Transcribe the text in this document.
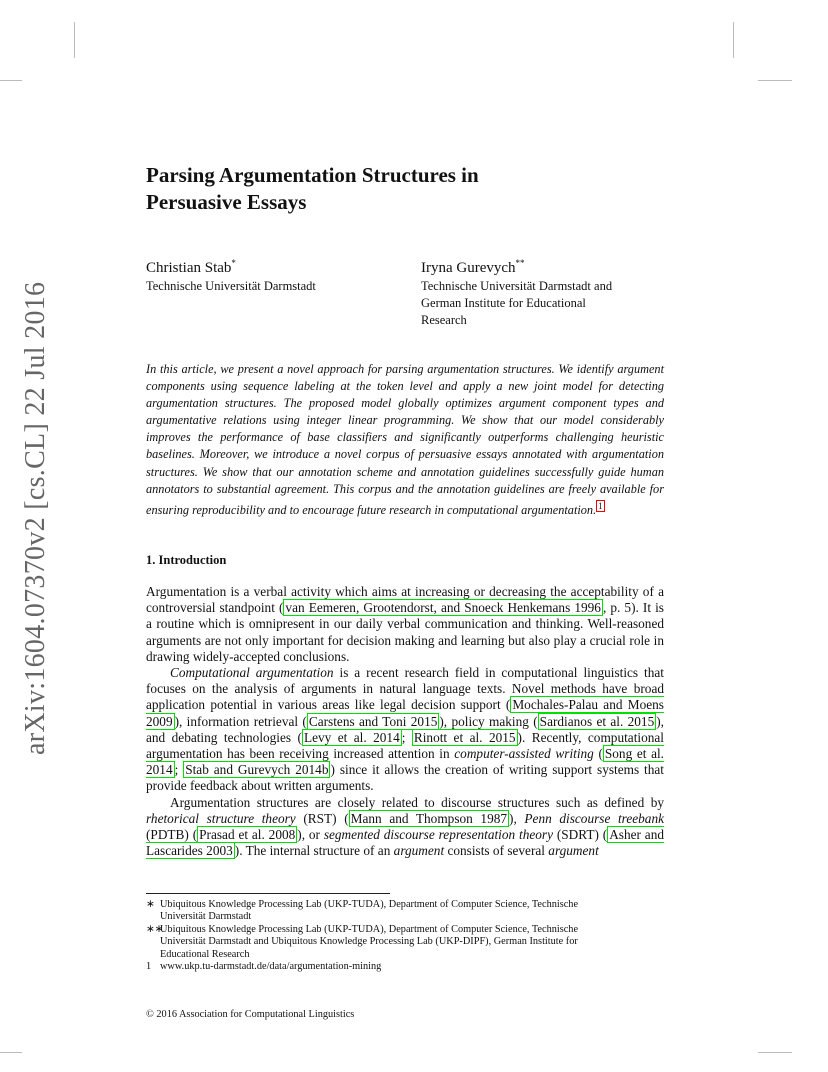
arXiv:1604.07370v2 [cs.CL] 22 Jul 2016
Parsing Argumentation Structures in
Persuasive Essays
Christian Stab*
Technische Universität Darmstadt
Iryna Gurevych**
Technische Universität Darmstadt and
German Institute for Educational
Research
In this article, we present a novel approach for parsing argumentation structures. We identify argument components using sequence labeling at the token level and apply a new joint model for detecting argumentation structures. The proposed model globally optimizes argument component types and argumentative relations using integer linear programming. We show that our model considerably improves the performance of base classifiers and significantly outperforms challenging heuristic baselines. Moreover, we introduce a novel corpus of persuasive essays annotated with argumentation structures. We show that our annotation scheme and annotation guidelines successfully guide human annotators to substantial agreement. This corpus and the annotation guidelines are freely available for ensuring reproducibility and to encourage future research in computational argumentation. $^1$
1. Introduction

Argumentation is a verbal activity which aims at increasing or decreasing the acceptability of a controversial standpoint ( van Eemeren, Grootendorst, and Snoeck Henkemans 1996 , p. 5). It is a routine which is omnipresent in our daily verbal communication and thinking. Well-reasoned arguments are not only important for decision making and learning but also play a crucial role in drawing widely-accepted conclusions.

Computational argumentation is a recent research field in computational linguistics that focuses on the analysis of arguments in natural language texts. Novel methods have broad application potential in various areas like legal decision support ( Mochales-Palau and Moens 2009 ), information retrieval ( Carstens and Toni 2015 ), policy making ( Sardianos et al. 2015 ), and debating technologies ( Levy et al. 2014 ; Rinott et al. 2015 ). Recently, computational argumentation has been receiving increased attention in computer-assisted writing ( Song et al. 2014 ; Stab and Gurevych 2014b ) since it allows the creation of writing support systems that provide feedback about written arguments.

Argumentation structures are closely related to discourse structures such as defined by rhetorical structure theory (RST) ( Mann and Thompson 1987 ), Penn discourse treebank (PDTB) ( Prasad et al. 2008 ), or segmented discourse representation theory (SDRT) ( Asher and Lascarides 2003 ). The internal structure of an argument consists of several argument

∗ Ubiquitous Knowledge Processing Lab (UKP-TUDA), Department of Computer Science, Technische
Universität Darmstadt
∗∗
Ubiquitous Knowledge Processing Lab (UKP-TUDA), Department of Computer Science, Technische
Universität Darmstadt and Ubiquitous Knowledge Processing Lab (UKP-DIPF), German Institute for
Educational Research
1 www.ukp.tu-darmstadt.de/data/argumentation-mining
© 2016 Association for Computational Linguistics
